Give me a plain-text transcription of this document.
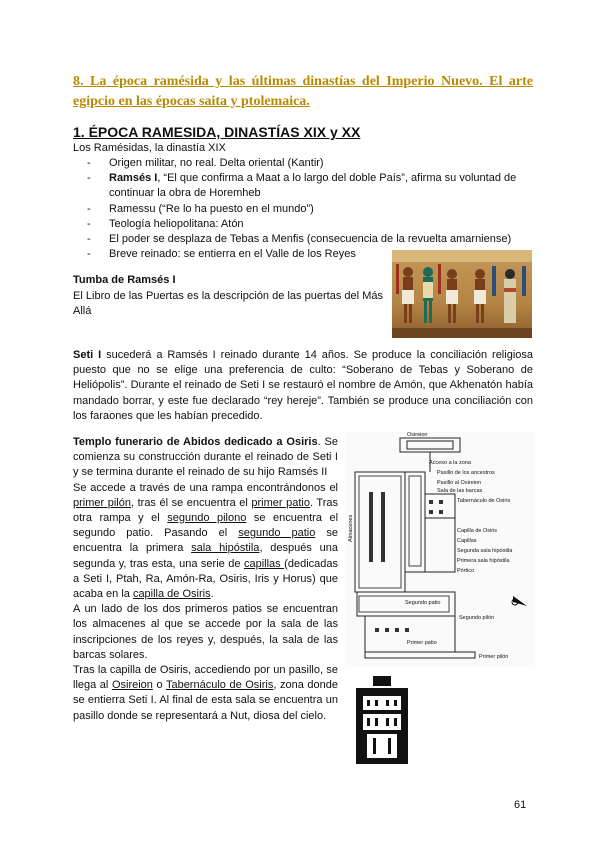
8. La época ramésida y las últimas dinastías del Imperio Nuevo. El arte egipcio en las épocas saita y ptolemaica.
1. ÉPOCA RAMESIDA, DINASTÍAS XIX y XX
Los Ramésidas, la dinastía XIX
- Origen militar, no real. Delta oriental (Kantir)
- Ramsés I, “El que confirma a Maat a lo largo del doble País”, afirma su voluntad de continuar la obra de Horemheb
- Ramessu (“Re lo ha puesto en el mundo”)
- Teología heliopolitana: Atón
- El poder se desplaza de Tebas a Menfis (consecuencia de la revuelta amarniense)
- Breve reinado: se entierra en el Valle de los Reyes
Tumba de Ramsés I
El Libro de las Puertas es la descripción de las puertas del Más Allá
Seti I sucederá a Ramsés I reinado durante 14 años. Se produce la conciliación religiosa puesto que no se elige una preferencia de culto: “Soberano de Tebas y Soberano de Heliópolis”. Durante el reinado de Seti I se restauró el nombre de Amón, que Akhenatón había mandado borrar, y este fue declarado “rey hereje”. También se produce una conciliación con los faraones que les habían precedido.

Templo funerario de Abidos dedicado a Osiris. Se comienza su construcción durante el reinado de Seti I y se termina durante el reinado de su hijo Ramsés II

Se accede a través de una rampa encontrándonos el primer pilón, tras él se encuentra el primer patio. Tras otra rampa y el segundo pilono se encuentra el segundo patio. Pasando el segundo patio se encuentra la primera sala hipóstila, después una segunda y, tras esta, una serie de capillas (dedicadas a Seti I, Ptah, Ra, Amón-Ra, Osiris, Iris y Horus) que acaba en la capilla de Osiris.

A un lado de los dos primeros patios se encuentran los almacenes al que se accede por la sala de las inscripciones de los reyes y, después, la sala de las barcas solares.

Tras la capilla de Osiris, accediendo por un pasillo, se llega al Osireion o Tabernáculo de Osiris, zona donde se entierra Seti I. Al final de esta sala se encuentra un pasillo donde se representará a Nut, diosa del cielo.

Osireion
Acceso a la zona
Pasillo de los ancestros
Pasillo al Osireion
Sala de las barcas
Tabernáculo de Osiris
Capilla de Osiris
Capillas
Segunda sala hipóstila
Primera sala hipóstila
Pórtico
Segundo patio
Segundo pilón
Primer patio
Primer pilón
Almacenes
61
